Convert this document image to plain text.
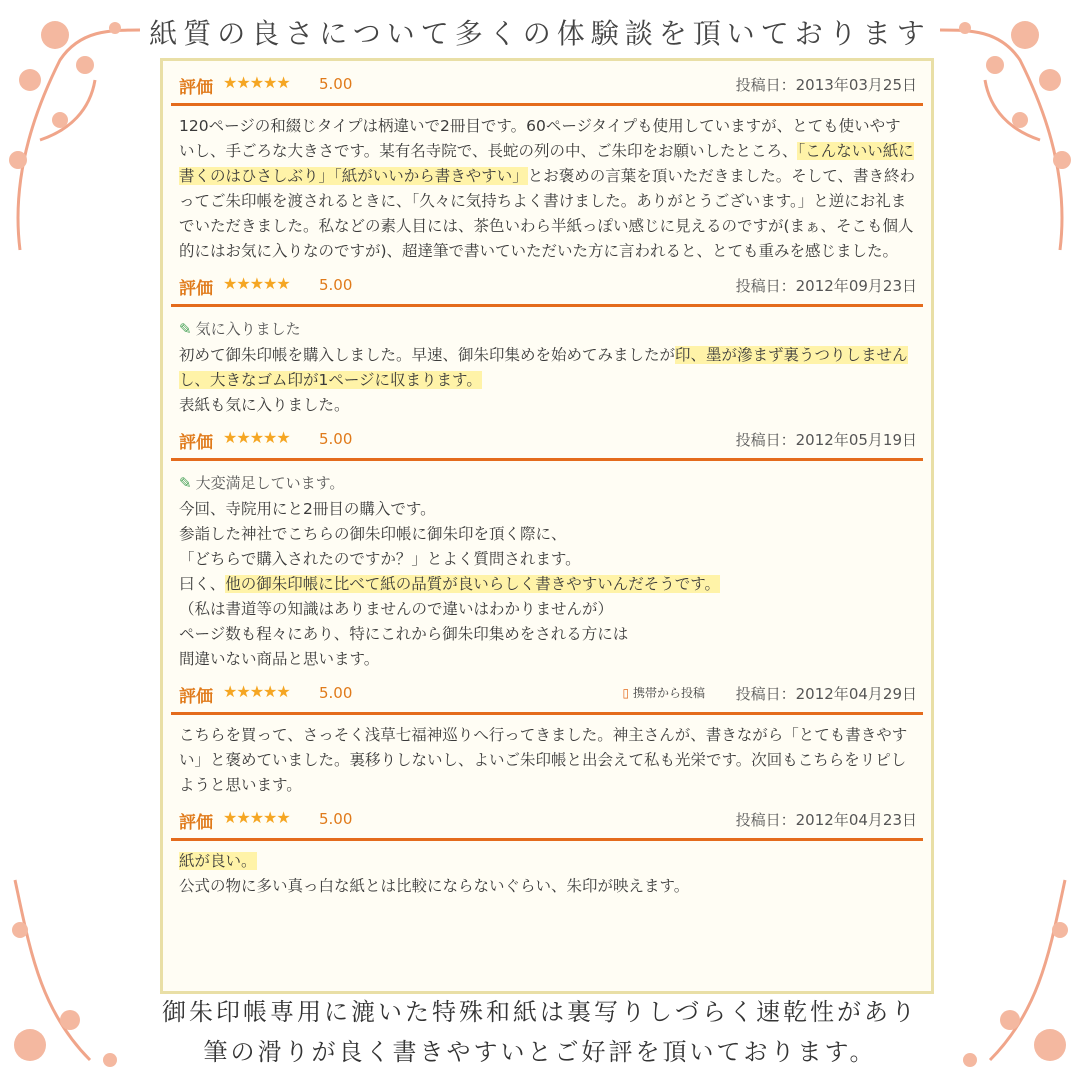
紙質の良さについて多くの体験談を頂いております
評価 ★★★★★ 5.00	投稿日：2013年03月25日
120ページの和綴じタイプは柄違いで2冊目です。60ページタイプも使用していますが、とても使いやすいし、手ごろな大きさです。某有名寺院で、長蛇の列の中、ご朱印をお願いしたところ、「こんないい紙に書くのはひさしぶり」「紙がいいから書きやすい」とお褒めの言葉を頂いただきました。そして、書き終わってご朱印帳を渡されるときに、「久々に気持ちよく書けました。ありがとうございます。」と逆にお礼までいただきました。私などの素人目には、茶色いわら半紙っぽい感じに見えるのですが(まぁ、そこも個人的にはお気に入りなのですが)、超達筆で書いていただいた方に言われると、とても重みを感じました。
評価 ★★★★★ 5.00	投稿日：2012年09月23日
✎ 気に入りました
初めて御朱印帳を購入しました。早速、御朱印集めを始めてみましたが印、墨が滲まず裏うつりしませんし、大きなゴム印が1ページに収まります。
表紙も気に入りました。
評価 ★★★★★ 5.00	投稿日：2012年05月19日
✎ 大変満足しています。
今回、寺院用にと2冊目の購入です。
参詣した神社でこちらの御朱印帳に御朱印を頂く際に、
「どちらで購入されたのですか？」とよく質問されます。
曰く、他の御朱印帳に比べて紙の品質が良いらしく書きやすいんだそうです。
（私は書道等の知識はありませんので違いはわかりませんが）
ページ数も程々にあり、特にこれから御朱印集めをされる方には
間違いない商品と思います。
評価 ★★★★★ 5.00	▯ 携帯から投稿 投稿日：2012年04月29日
こちらを買って、さっそく浅草七福神巡りへ行ってきました。神主さんが、書きながら「とても書きやすい」と褒めていました。裏移りしないし、よいご朱印帳と出会えて私も光栄です。次回もこちらをリピしようと思います。
評価 ★★★★★ 5.00	投稿日：2012年04月23日
紙が良い。
公式の物に多い真っ白な紙とは比較にならないぐらい、朱印が映えます。
御朱印帳専用に漉いた特殊和紙は裏写りしづらく速乾性があり
筆の滑りが良く書きやすいとご好評を頂いております。
